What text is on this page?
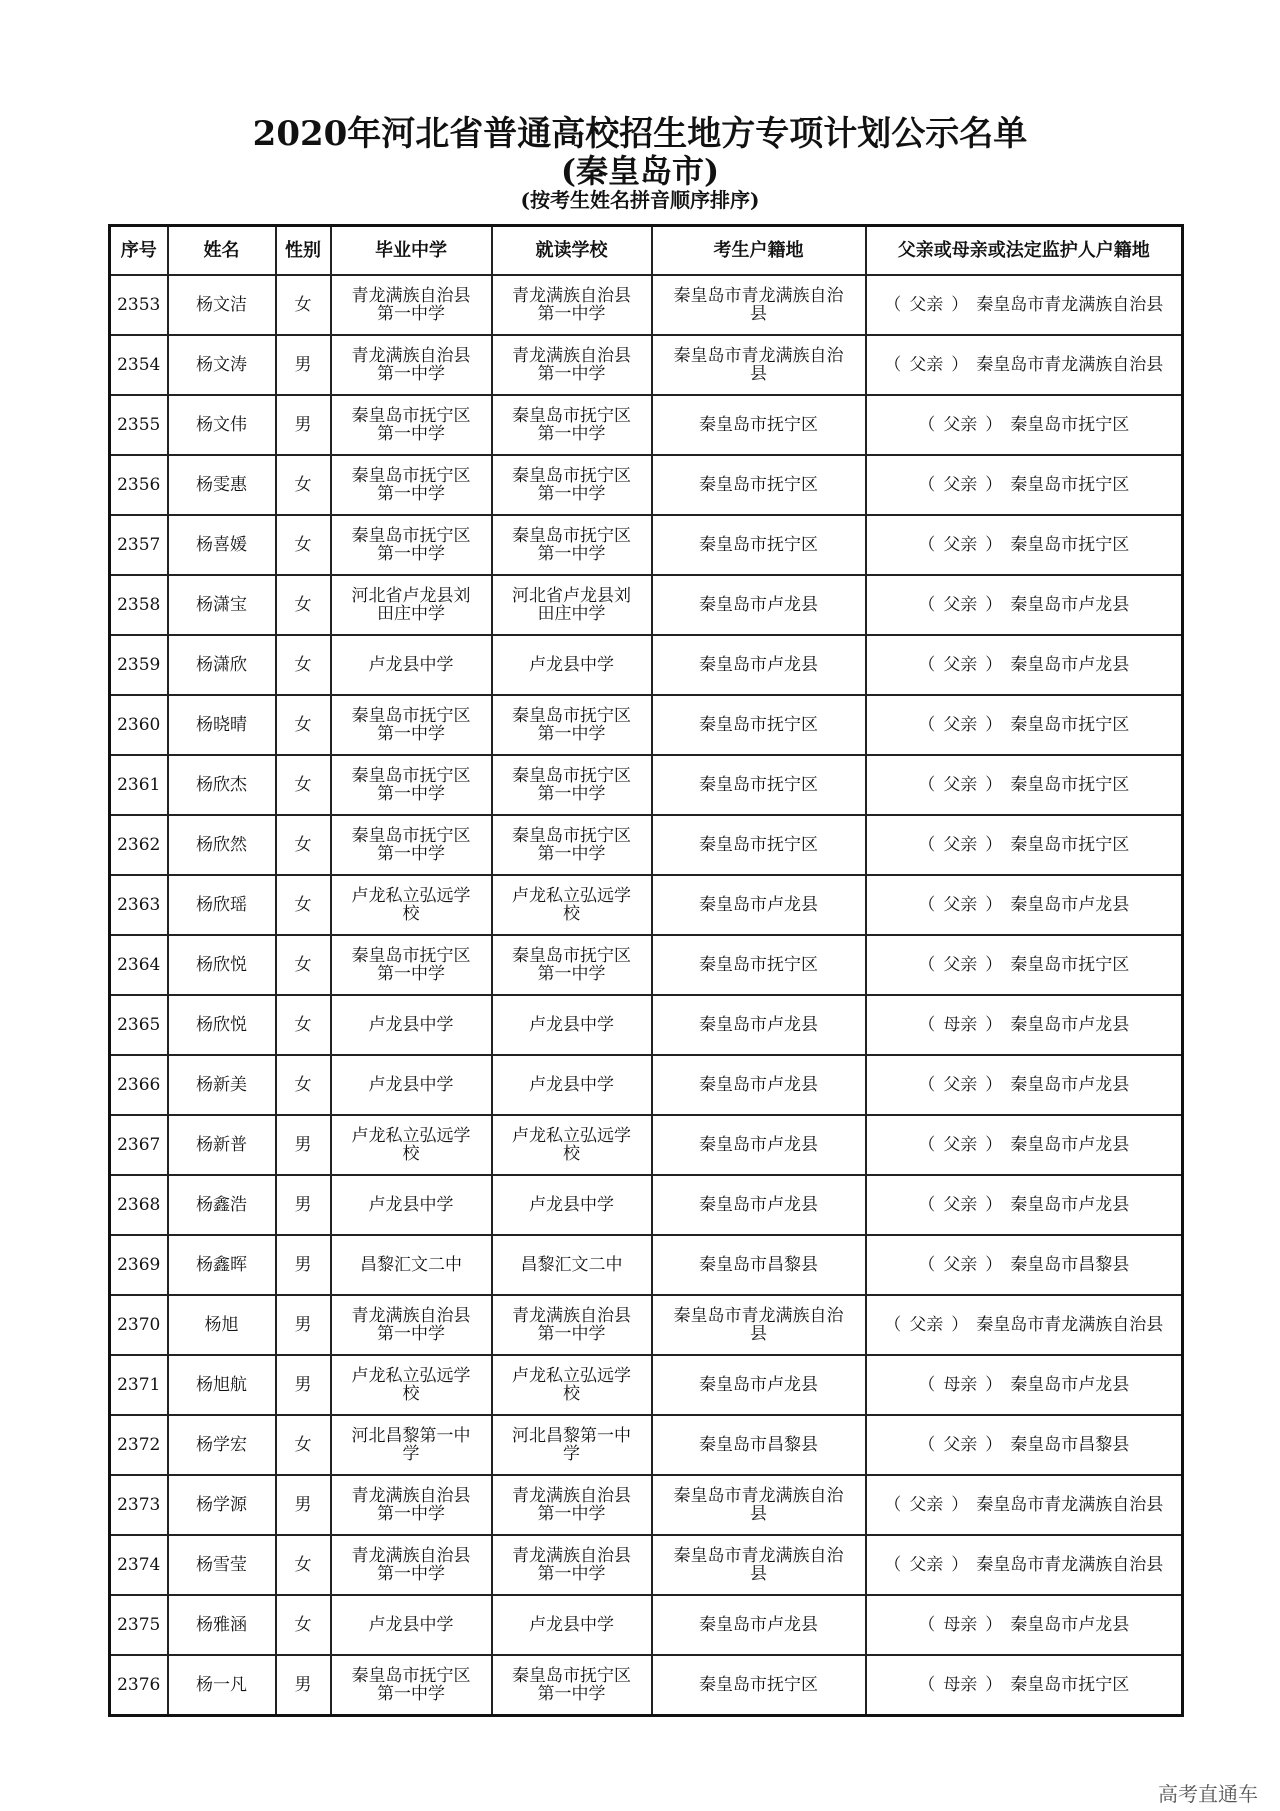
2020年河北省普通高校招生地方专项计划公示名单
(秦皇岛市)
(按考生姓名拼音顺序排序)
序号	姓名	性别	毕业中学	就读学校	考生户籍地	父亲或母亲或法定监护人户籍地
2353	杨文洁	女	青龙满族自治县第一中学	青龙满族自治县第一中学	秦皇岛市青龙满族自治县	（ 父亲 ） 秦皇岛市青龙满族自治县
2354	杨文涛	男	青龙满族自治县第一中学	青龙满族自治县第一中学	秦皇岛市青龙满族自治县	（ 父亲 ） 秦皇岛市青龙满族自治县
2355	杨文伟	男	秦皇岛市抚宁区第一中学	秦皇岛市抚宁区第一中学	秦皇岛市抚宁区	（ 父亲 ） 秦皇岛市抚宁区
2356	杨雯惠	女	秦皇岛市抚宁区第一中学	秦皇岛市抚宁区第一中学	秦皇岛市抚宁区	（ 父亲 ） 秦皇岛市抚宁区
2357	杨喜媛	女	秦皇岛市抚宁区第一中学	秦皇岛市抚宁区第一中学	秦皇岛市抚宁区	（ 父亲 ） 秦皇岛市抚宁区
2358	杨潇宝	女	河北省卢龙县刘田庄中学	河北省卢龙县刘田庄中学	秦皇岛市卢龙县	（ 父亲 ） 秦皇岛市卢龙县
2359	杨潇欣	女	卢龙县中学	卢龙县中学	秦皇岛市卢龙县	（ 父亲 ） 秦皇岛市卢龙县
2360	杨晓晴	女	秦皇岛市抚宁区第一中学	秦皇岛市抚宁区第一中学	秦皇岛市抚宁区	（ 父亲 ） 秦皇岛市抚宁区
2361	杨欣杰	女	秦皇岛市抚宁区第一中学	秦皇岛市抚宁区第一中学	秦皇岛市抚宁区	（ 父亲 ） 秦皇岛市抚宁区
2362	杨欣然	女	秦皇岛市抚宁区第一中学	秦皇岛市抚宁区第一中学	秦皇岛市抚宁区	（ 父亲 ） 秦皇岛市抚宁区
2363	杨欣瑶	女	卢龙私立弘远学校	卢龙私立弘远学校	秦皇岛市卢龙县	（ 父亲 ） 秦皇岛市卢龙县
2364	杨欣悦	女	秦皇岛市抚宁区第一中学	秦皇岛市抚宁区第一中学	秦皇岛市抚宁区	（ 父亲 ） 秦皇岛市抚宁区
2365	杨欣悦	女	卢龙县中学	卢龙县中学	秦皇岛市卢龙县	（ 母亲 ） 秦皇岛市卢龙县
2366	杨新美	女	卢龙县中学	卢龙县中学	秦皇岛市卢龙县	（ 父亲 ） 秦皇岛市卢龙县
2367	杨新普	男	卢龙私立弘远学校	卢龙私立弘远学校	秦皇岛市卢龙县	（ 父亲 ） 秦皇岛市卢龙县
2368	杨鑫浩	男	卢龙县中学	卢龙县中学	秦皇岛市卢龙县	（ 父亲 ） 秦皇岛市卢龙县
2369	杨鑫晖	男	昌黎汇文二中	昌黎汇文二中	秦皇岛市昌黎县	（ 父亲 ） 秦皇岛市昌黎县
2370	杨旭	男	青龙满族自治县第一中学	青龙满族自治县第一中学	秦皇岛市青龙满族自治县	（ 父亲 ） 秦皇岛市青龙满族自治县
2371	杨旭航	男	卢龙私立弘远学校	卢龙私立弘远学校	秦皇岛市卢龙县	（ 母亲 ） 秦皇岛市卢龙县
2372	杨学宏	女	河北昌黎第一中学	河北昌黎第一中学	秦皇岛市昌黎县	（ 父亲 ） 秦皇岛市昌黎县
2373	杨学源	男	青龙满族自治县第一中学	青龙满族自治县第一中学	秦皇岛市青龙满族自治县	（ 父亲 ） 秦皇岛市青龙满族自治县
2374	杨雪莹	女	青龙满族自治县第一中学	青龙满族自治县第一中学	秦皇岛市青龙满族自治县	（ 父亲 ） 秦皇岛市青龙满族自治县
2375	杨雅涵	女	卢龙县中学	卢龙县中学	秦皇岛市卢龙县	（ 母亲 ） 秦皇岛市卢龙县
2376	杨一凡	男	秦皇岛市抚宁区第一中学	秦皇岛市抚宁区第一中学	秦皇岛市抚宁区	（ 母亲 ） 秦皇岛市抚宁区
高考直通车
